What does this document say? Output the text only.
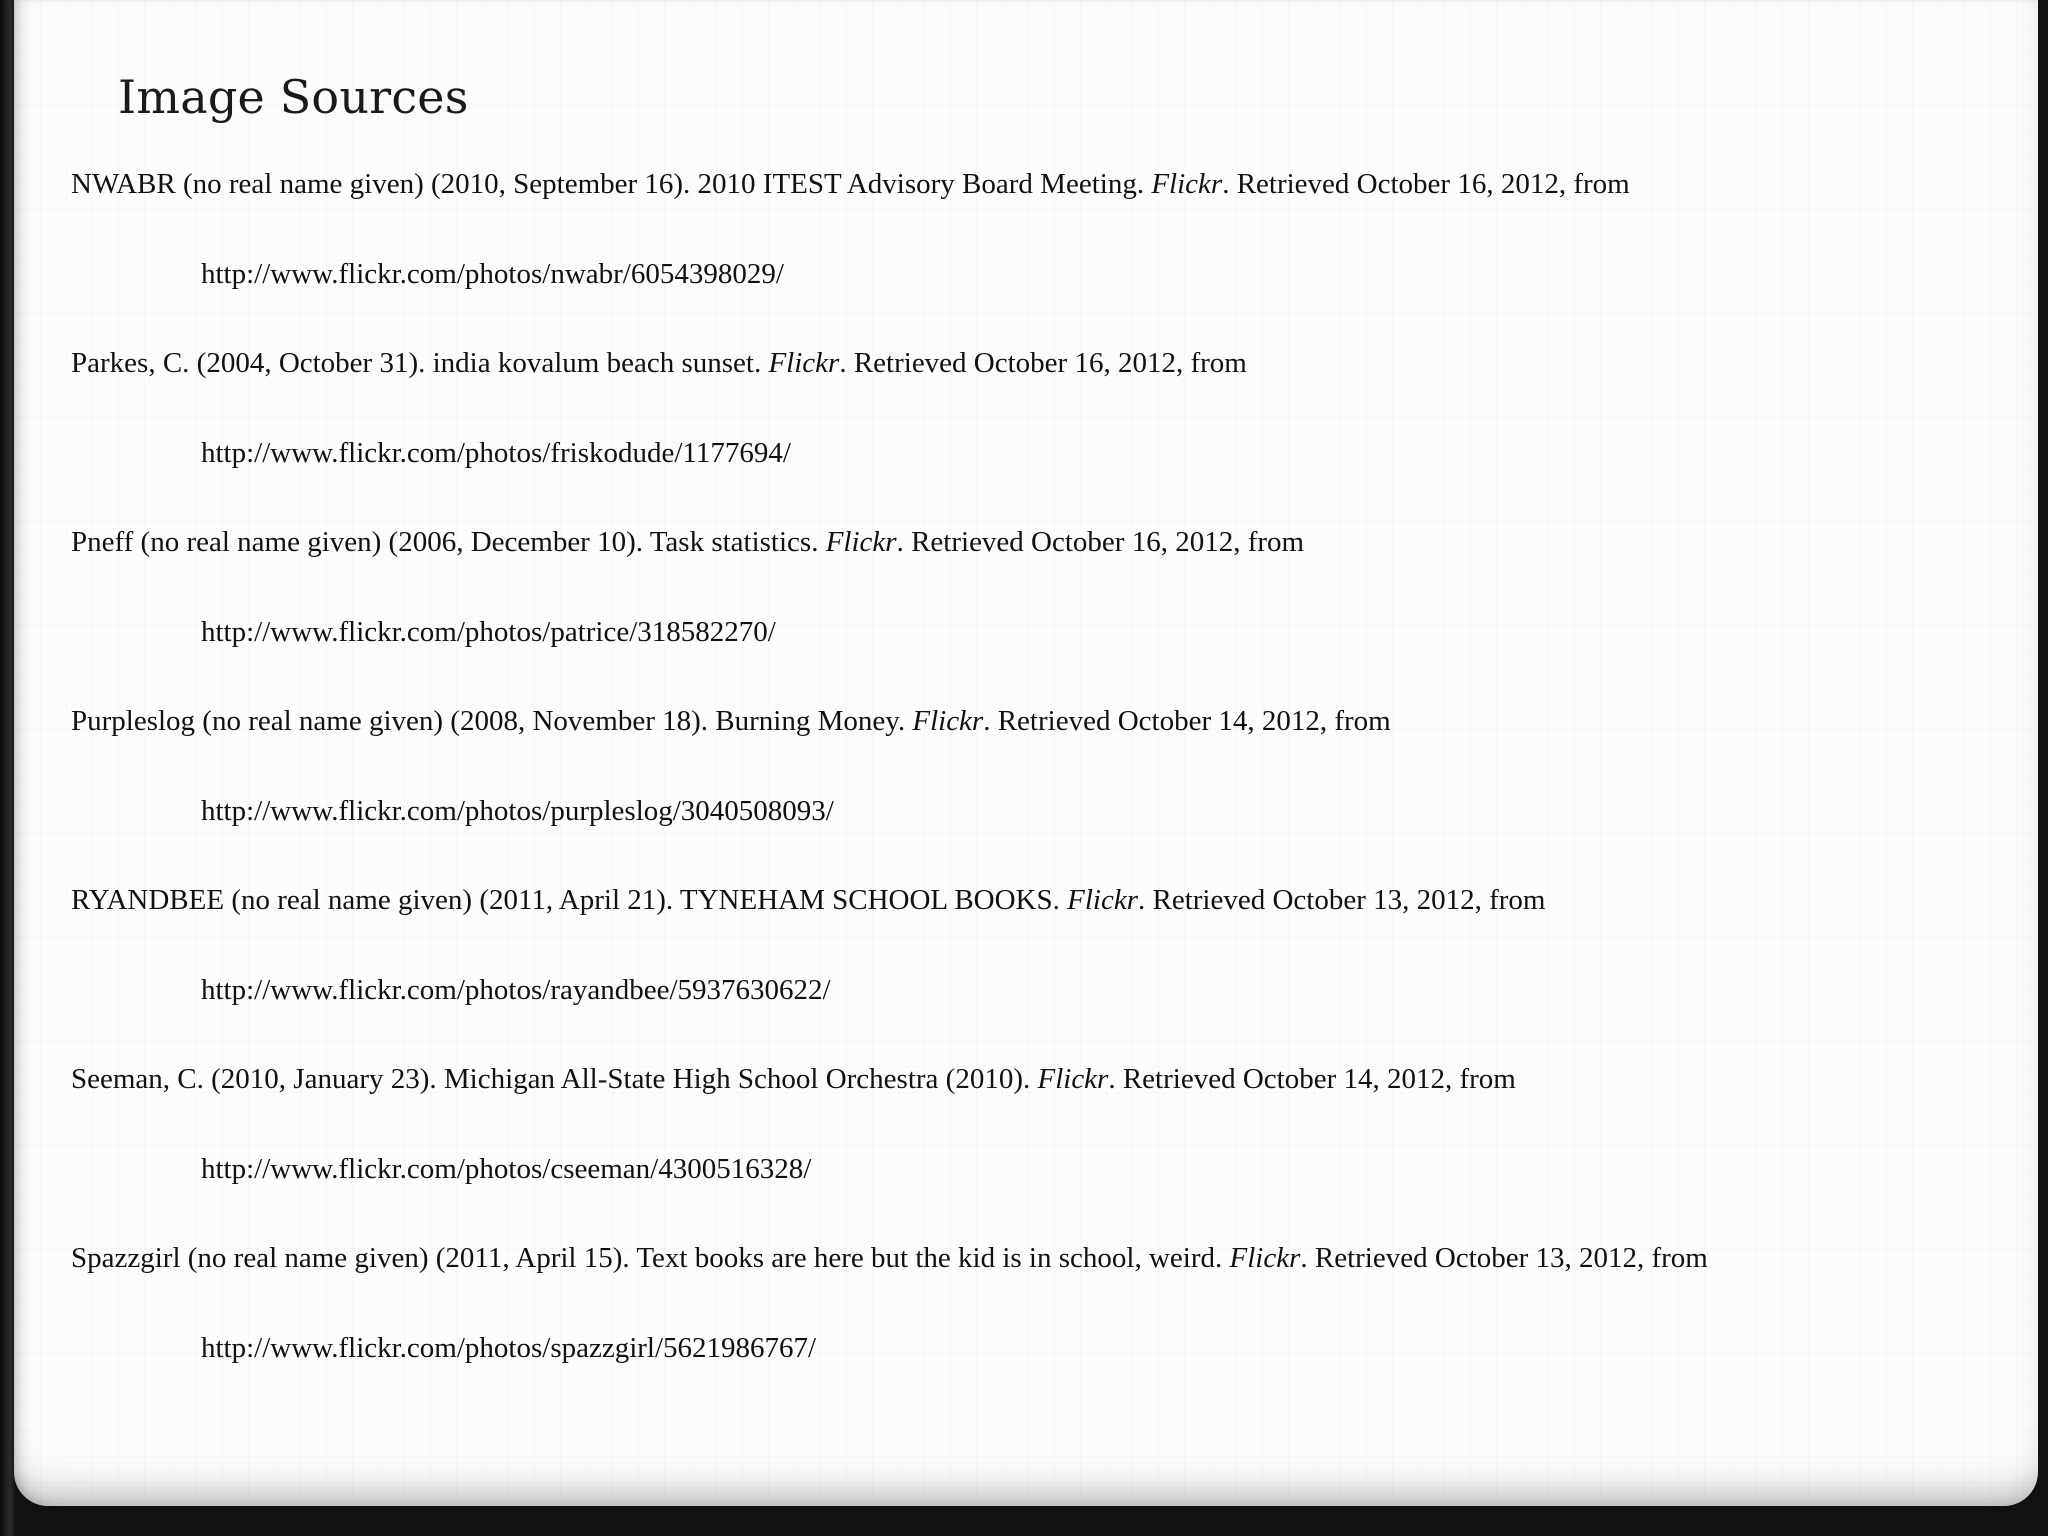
Image Sources
NWABR (no real name given) (2010, September 16). 2010 ITEST Advisory Board Meeting. Flickr. Retrieved October 16, 2012, from
http://www.flickr.com/photos/nwabr/6054398029/
Parkes, C. (2004, October 31). india kovalum beach sunset. Flickr. Retrieved October 16, 2012, from
http://www.flickr.com/photos/friskodude/1177694/
Pneff (no real name given) (2006, December 10). Task statistics. Flickr. Retrieved October 16, 2012, from
http://www.flickr.com/photos/patrice/318582270/
Purpleslog (no real name given) (2008, November 18). Burning Money. Flickr. Retrieved October 14, 2012, from
http://www.flickr.com/photos/purpleslog/3040508093/
RYANDBEE (no real name given) (2011, April 21). TYNEHAM SCHOOL BOOKS. Flickr. Retrieved October 13, 2012, from
http://www.flickr.com/photos/rayandbee/5937630622/
Seeman, C. (2010, January 23). Michigan All-State High School Orchestra (2010). Flickr. Retrieved October 14, 2012, from
http://www.flickr.com/photos/cseeman/4300516328/
Spazzgirl (no real name given) (2011, April 15). Text books are here but the kid is in school, weird. Flickr. Retrieved October 13, 2012, from
http://www.flickr.com/photos/spazzgirl/5621986767/
